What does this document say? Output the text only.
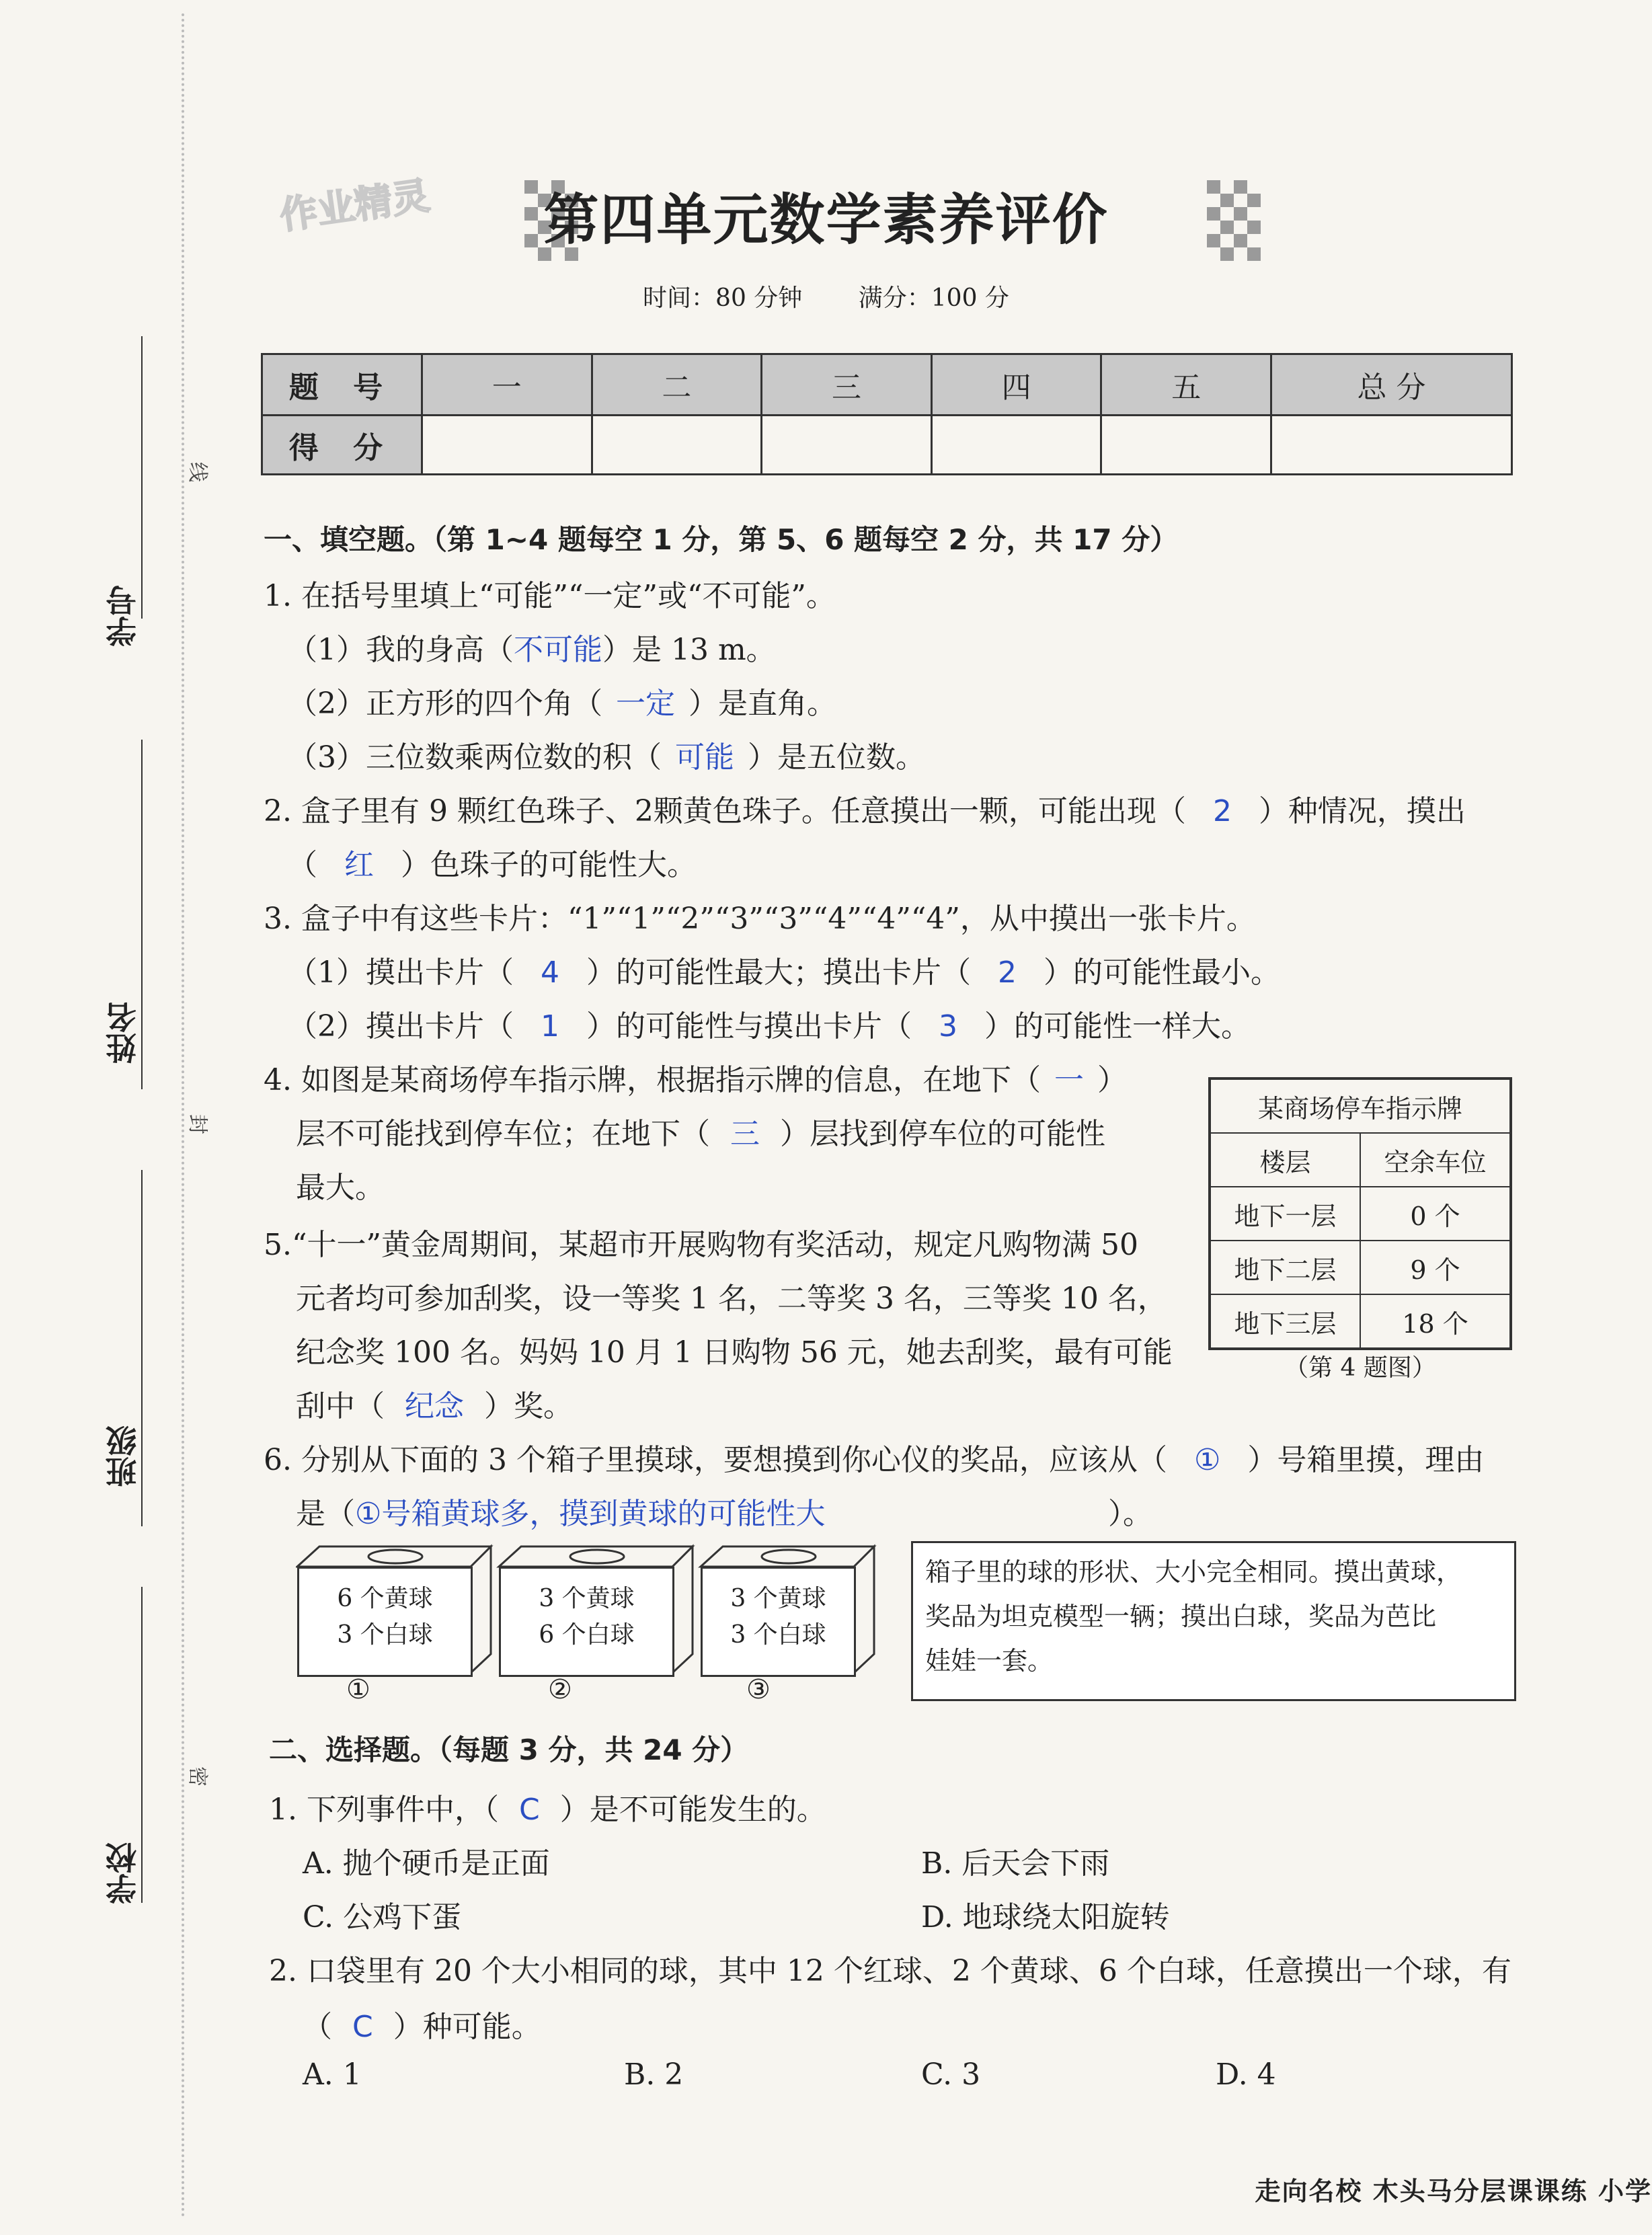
学号
姓名
班级
学校
线
封
密
作业精灵	第四单元数学素养评价
时间：80 分钟 满分：100 分
题 号	一	二	三	四	五	总 分
得 分						
一、填空题。（第 1~4 题每空 1 分，第 5、6 题每空 2 分，共 17 分）
1. 在括号里填上“可能”“一定”或“不可能”。
（1）我的身高（不可能）是 13 m。
（2）正方形的四个角（ 一定 ）是直角。
（3）三位数乘两位数的积（ 可能 ）是五位数。
2. 盒子里有 9 颗红色珠子、2颗黄色珠子。任意摸出一颗，可能出现（ 2 ）种情况，摸出
（ 红 ）色珠子的可能性大。
3. 盒子中有这些卡片：“1”“1”“2”“3”“3”“4”“4”“4”，从中摸出一张卡片。
（1）摸出卡片（ 4 ）的可能性最大；摸出卡片（ 2 ）的可能性最小。
（2）摸出卡片（ 1 ）的可能性与摸出卡片（ 3 ）的可能性一样大。
4. 如图是某商场停车指示牌，根据指示牌的信息，在地下（ 一 ）
层不可能找到停车位；在地下（ 三 ）层找到停车位的可能性
最大。
5.“十一”黄金周期间，某超市开展购物有奖活动，规定凡购物满 50
元者均可参加刮奖，设一等奖 1 名，二等奖 3 名，三等奖 10 名，
纪念奖 100 名。妈妈 10 月 1 日购物 56 元，她去刮奖，最有可能
刮中（ 纪念 ）奖。
6. 分别从下面的 3 个箱子里摸球，要想摸到你心仪的奖品，应该从（ ① ）号箱里摸，理由
是（①号箱黄球多，摸到黄球的可能性大	）。
某商场停车指示牌	
楼层	空余车位
地下一层	0 个
地下二层	9 个
地下三层	18 个
（第 4 题图）
6 个黄球
3 个白球
3 个黄球
6 个白球
3 个黄球
3 个白球
①	②	③
箱子里的球的形状、大小完全相同。摸出黄球，
奖品为坦克模型一辆；摸出白球，奖品为芭比
娃娃一套。
二、选择题。（每题 3 分，共 24 分）
1. 下列事件中，（ C ）是不可能发生的。
A. 抛个硬币是正面	B. 后天会下雨
C. 公鸡下蛋	D. 地球绕太阳旋转
2. 口袋里有 20 个大小相同的球，其中 12 个红球、2 个黄球、6 个白球，任意摸出一个球，有
（ C ）种可能。
A. 1	B. 2	C. 3	D. 4
走向名校 木头马分层课课练 小学
